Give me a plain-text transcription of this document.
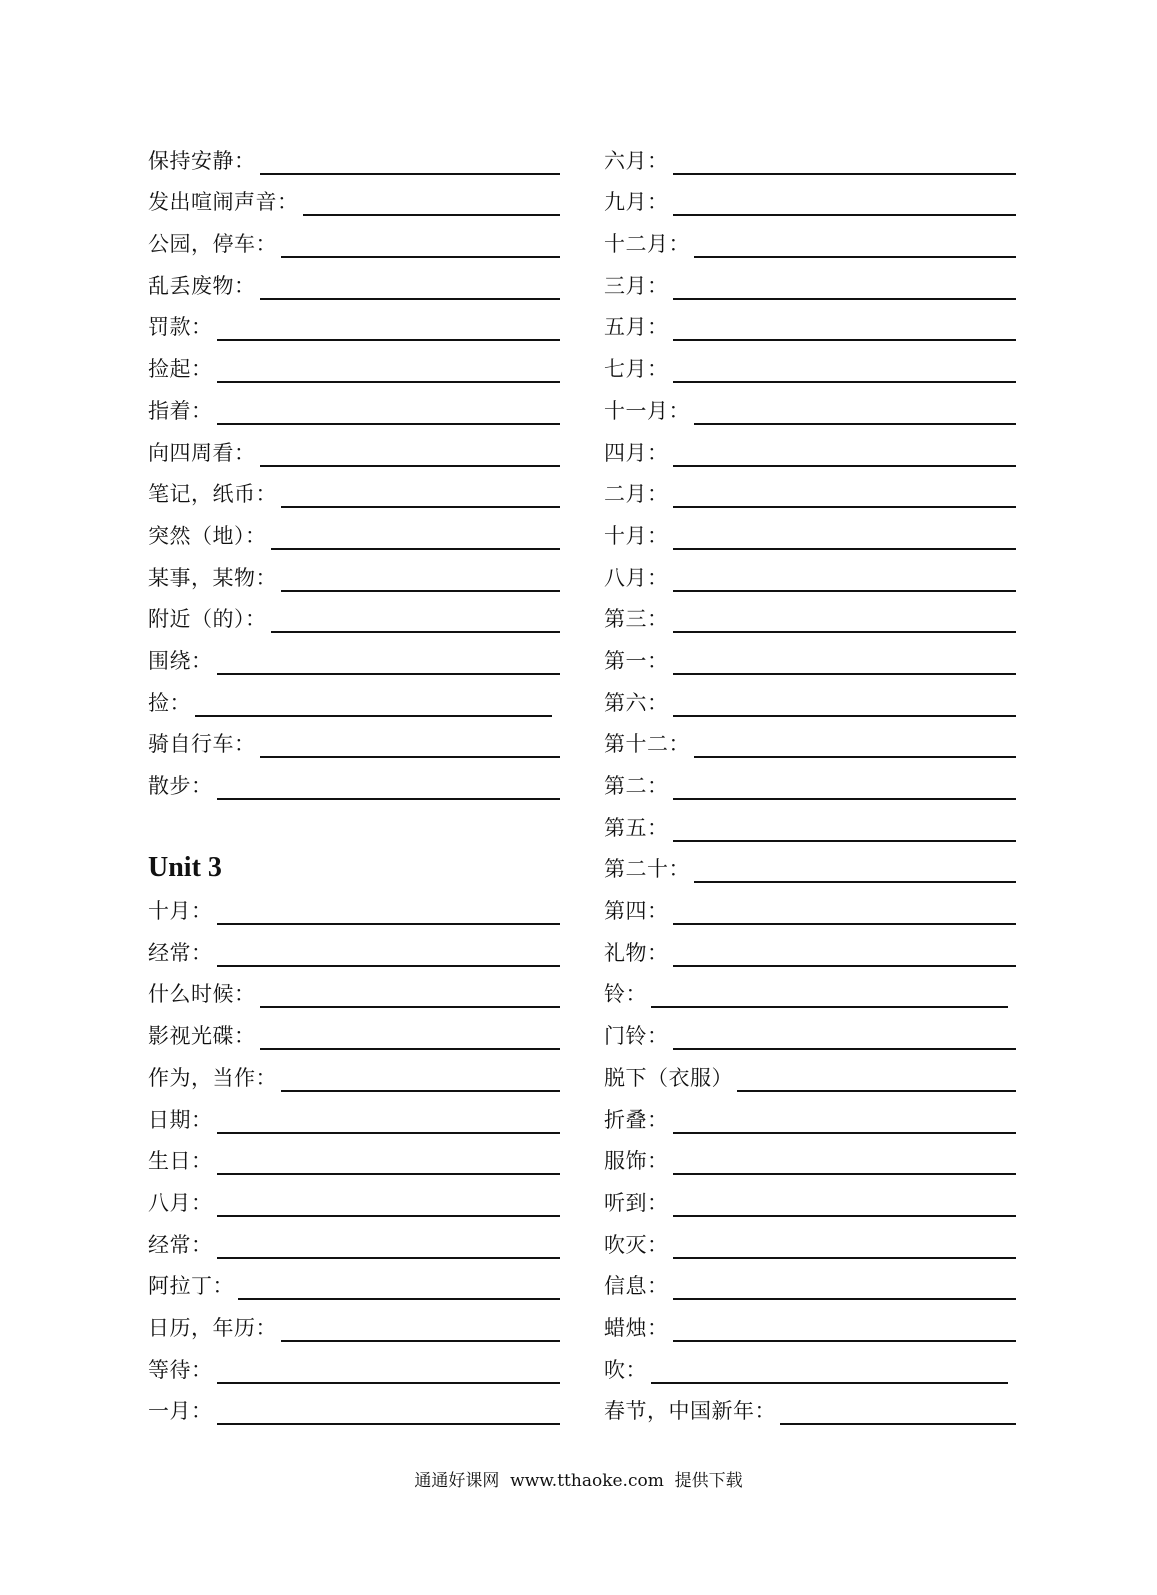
保持安静：
发出喧闹声音：
公园，停车：
乱丢废物：
罚款：
捡起：
指着：
向四周看：
笔记，纸币：
突然（地）：
某事，某物：
附近（的）：
围绕：
捡：
骑自行车：
散步：
Unit 3
十月：
经常：
什么时候：
影视光碟：
作为，当作：
日期：
生日：
八月：
经常：
阿拉丁：
日历，年历：
等待：
一月：
六月：
九月：
十二月：
三月：
五月：
七月：
十一月：
四月：
二月：
十月：
八月：
第三：
第一：
第六：
第十二：
第二：
第五：
第二十：
第四：
礼物：
铃：
门铃：
脱下（衣服）
折叠：
服饰：
听到：
吹灭：
信息：
蜡烛：
吹：
春节，中国新年：
通通好课网  www.tthaoke.com  提供下载
